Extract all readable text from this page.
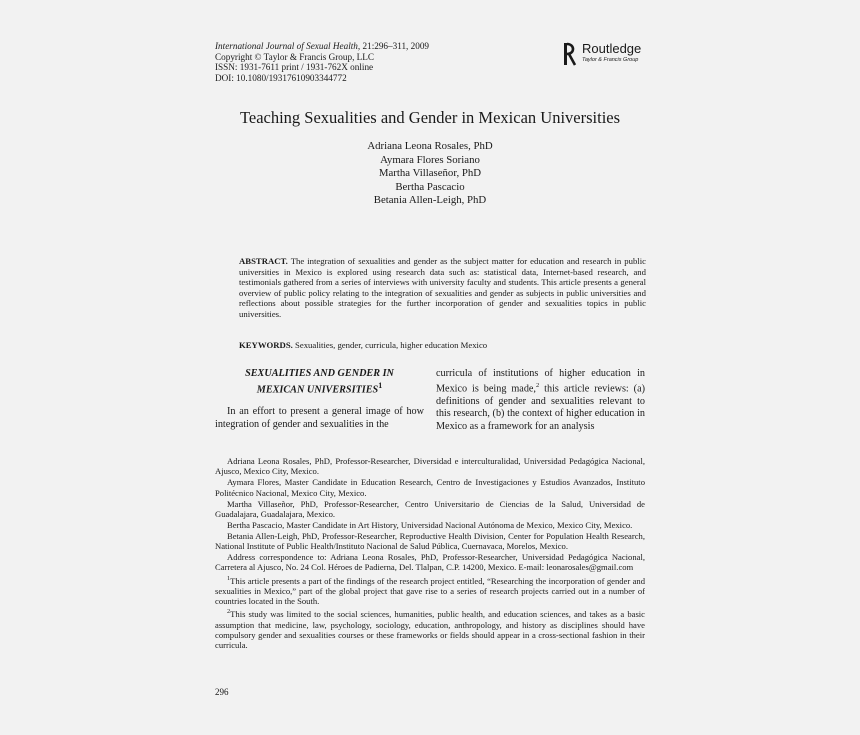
International Journal of Sexual Health, 21:296–311, 2009
Copyright © Taylor & Francis Group, LLC
ISSN: 1931-7611 print / 1931-762X online
DOI: 10.1080/19317610903344772
Routledge
Taylor & Francis Group
Teaching Sexualities and Gender in Mexican Universities
Adriana Leona Rosales, PhD
Aymara Flores Soriano
Martha Villaseñor, PhD
Bertha Pascacio
Betania Allen-Leigh, PhD
ABSTRACT. The integration of sexualities and gender as the subject matter for education and research in public universities in Mexico is explored using research data such as: statistical data, Internet-based research, and testimonials gathered from a series of interviews with university faculty and students. This article presents a general overview of public policy relating to the integration of sexualities and gender as subjects in public universities and reflections about possible strategies for the further incorporation of gender and sexualities topics in public universities.
KEYWORDS. Sexualities, gender, curricula, higher education Mexico
SEXUALITIES AND GENDER IN
MEXICAN UNIVERSITIES$^1$

In an effort to present a general image of how integration of gender and sexualities in the

curricula of institutions of higher education in Mexico is being made,$^2$ this article reviews: (a) definitions of gender and sexualities relevant to this research, (b) the context of higher education in Mexico as a framework for an analysis

Adriana Leona Rosales, PhD, Professor-Researcher, Diversidad e interculturalidad, Universidad Pedagógica Nacional, Ajusco, Mexico City, Mexico.

Aymara Flores, Master Candidate in Education Research, Centro de Investigaciones y Estudios Avanzados, Instituto Politécnico Nacional, Mexico City, Mexico.

Martha Villaseñor, PhD, Professor-Researcher, Centro Universitario de Ciencias de la Salud, Universidad de Guadalajara, Guadalajara, Mexico.

Bertha Pascacio, Master Candidate in Art History, Universidad Nacional Autónoma de Mexico, Mexico City, Mexico.

Betania Allen-Leigh, PhD, Professor-Researcher, Reproductive Health Division, Center for Population Health Research, National Institute of Public Health/Instituto Nacional de Salud Pública, Cuernavaca, Morelos, Mexico.

Address correspondence to: Adriana Leona Rosales, PhD, Professor-Researcher, Universidad Pedagógica Nacional, Carretera al Ajusco, No. 24 Col. Héroes de Padierna, Del. Tlalpan, C.P. 14200, Mexico. E-mail: leonarosales@gmail.com

$^1$This article presents a part of the findings of the research project entitled, “Researching the incorporation of gender and sexualities in Mexico,” part of the global project that gave rise to a series of research projects carried out in a number of countries located in the South.

$^2$This study was limited to the social sciences, humanities, public health, and education sciences, and takes as a basic assumption that medicine, law, psychology, sociology, education, anthropology, and history as disciplines should have compulsory gender and sexualities courses or these frameworks or fields should appear in a cross-sectional fashion in their curricula.

296
